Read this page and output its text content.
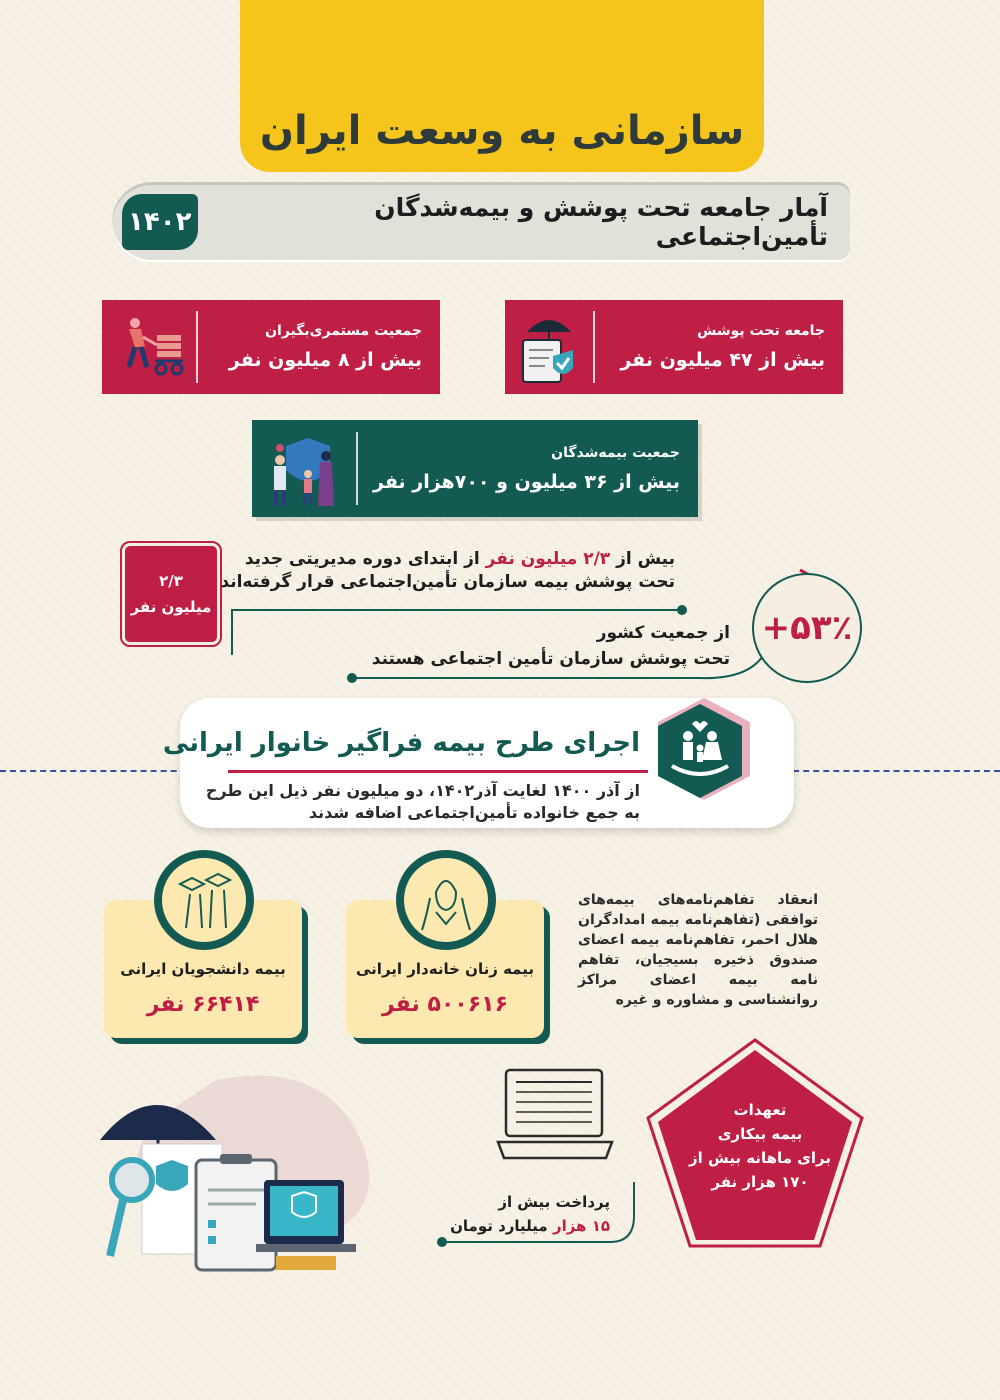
سازمانی به وسعت ایران
آمار جامعه تحت پوشش و بیمه‌شدگان تأمین‌اجتماعی
۱۴۰۲
جامعه تحت پوشش
بیش از ۴۷ میلیون نفر
جمعیت مستمری‌بگیران
بیش از ۸ میلیون نفر
جمعیت بیمه‌شدگان
بیش از ۳۶ میلیون و ۷۰۰هزار نفر
۲/۳
میلیون نفر
بیش از ۲/۳ میلیون نفر از ابتدای دوره مدیریتی جدید
تحت پوشش بیمه سازمان تأمین‌اجتماعی قرار گرفته‌اند
+۵۳٪
از جمعیت کشور
تحت پوشش سازمان تأمین اجتماعی هستند
اجرای طرح بیمه فراگیر خانوار ایرانی
از آذر ۱۴۰۰ لغایت آذر۱۴۰۲، دو میلیون نفر ذیل این طرح
به جمع خانواده تأمین‌اجتماعی اضافه شدند
بیمه زنان خانه‌دار ایرانی
۵۰۰۶۱۶ نفر
بیمه دانشجویان ایرانی
۶۶۴۱۴ نفر
انعقاد تفاهم‌نامه‌های بیمه‌های توافقی (تفاهم‌نامه بیمه امدادگران هلال احمر، تفاهم‌نامه بیمه اعضای صندوق ذخیره بسیجیان، تفاهم نامه بیمه اعضای مراکز روانشناسی و مشاوره و غیره
پرداخت بیش از
۱۵ هزار میلیارد تومان
تعهدات
بیمه بیکاری
برای ماهانه بیش از
۱۷۰ هزار نفر
